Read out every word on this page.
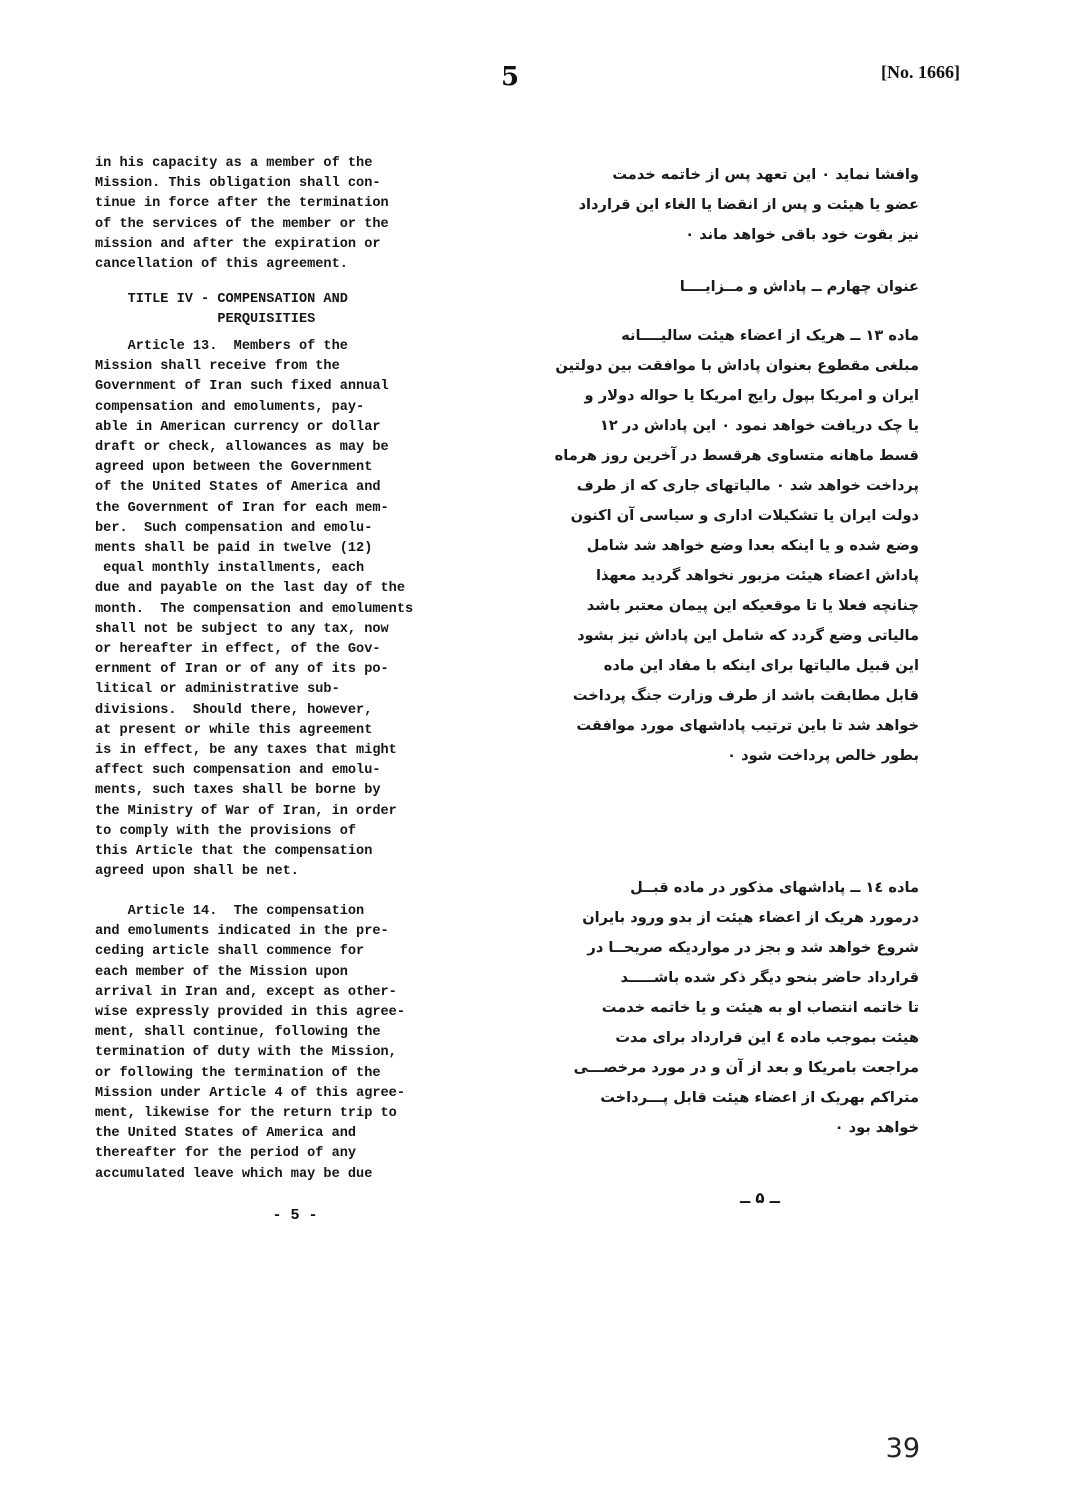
5	[No. 1666]
in his capacity as a member of the
Mission. This obligation shall con-
tinue in force after the termination
of the services of the member or the
mission and after the expiration or
cancellation of this agreement.
TITLE IV - COMPENSATION AND
PERQUISITIES
Article 13.  Members of the
Mission shall receive from the
Government of Iran such fixed annual
compensation and emoluments, pay-
able in American currency or dollar
draft or check, allowances as may be
agreed upon between the Government
of the United States of America and
the Government of Iran for each mem-
ber.  Such compensation and emolu-
ments shall be paid in twelve (12)
equal monthly installments, each
due and payable on the last day of the
month.  The compensation and emoluments
shall not be subject to any tax, now
or hereafter in effect, of the Gov-
ernment of Iran or of any of its po-
litical or administrative sub-
divisions.  Should there, however,
at present or while this agreement
is in effect, be any taxes that might
affect such compensation and emolu-
ments, such taxes shall be borne by
the Ministry of War of Iran, in order
to comply with the provisions of
this Article that the compensation
agreed upon shall be net.
Article 14.  The compensation
and emoluments indicated in the pre-
ceding article shall commence for
each member of the Mission upon
arrival in Iran and, except as other-
wise expressly provided in this agree-
ment, shall continue, following the
termination of duty with the Mission,
or following the termination of the
Mission under Article 4 of this agree-
ment, likewise for the return trip to
the United States of America and
thereafter for the period of any
accumulated leave which may be due
- 5 -
وافشا نماید ۰ این تعهد پس از خاتمه خدمت
عضو یا هیئت و پس از انقضا یا الغاء این قرارداد
نیز بقوت خود باقی خواهد ماند ۰
عنوان چهارم ــ پاداش و مــزایــــا
ماده ۱۳ ــ هریک از اعضاء هیئت سالیــــانه
مبلغی مقطوع بعنوان پاداش با موافقت بین دولتین
ایران و امریکا بپول رایج امریکا یا حواله دولار و
یا چک دریافت خواهد نمود ۰ این پاداش در ۱۲
قسط ماهانه متساوی هرقسط در آخرین روز هرماه
پرداخت خواهد شد ۰ مالیاتهای جاری که از طرف
دولت ایران یا تشکیلات اداری و سیاسی آن اکنون
وضع شده و یا اینکه بعدا وضع خواهد شد شامل
پاداش اعضاء هیئت مزبور نخواهد گردید معهذا
چنانچه فعلا یا تا موقعیکه این پیمان معتبر باشد
مالیاتی وضع گردد که شامل این پاداش نیز بشود
این قبیل مالیاتها برای اینکه با مفاد این ماده
قابل مطابقت باشد از طرف وزارت جنگ پرداخت
خواهد شد تا باین ترتیب پاداشهای مورد موافقت
بطور خالص پرداخت شود ۰
ماده ۱٤ ــ پاداشهای مذکور در ماده قبــل
درمورد هریک از اعضاء هیئت از بدو ورود بایران
شروع خواهد شد و بجز در مواردیکه صریحــا در
قرارداد حاضر بنحو دیگر ذکر شده باشـــــد
تا خاتمه انتصاب او به هیئت و یا خاتمه خدمت
هیئت بموجب ماده ٤ این قرارداد برای مدت
مراجعت بامریکا و بعد از آن و در مورد مرخصـــی
متراکم بهریک از اعضاء هیئت قابل پـــرداخت
خواهد بود ۰
ــ ۵ ــ
39
